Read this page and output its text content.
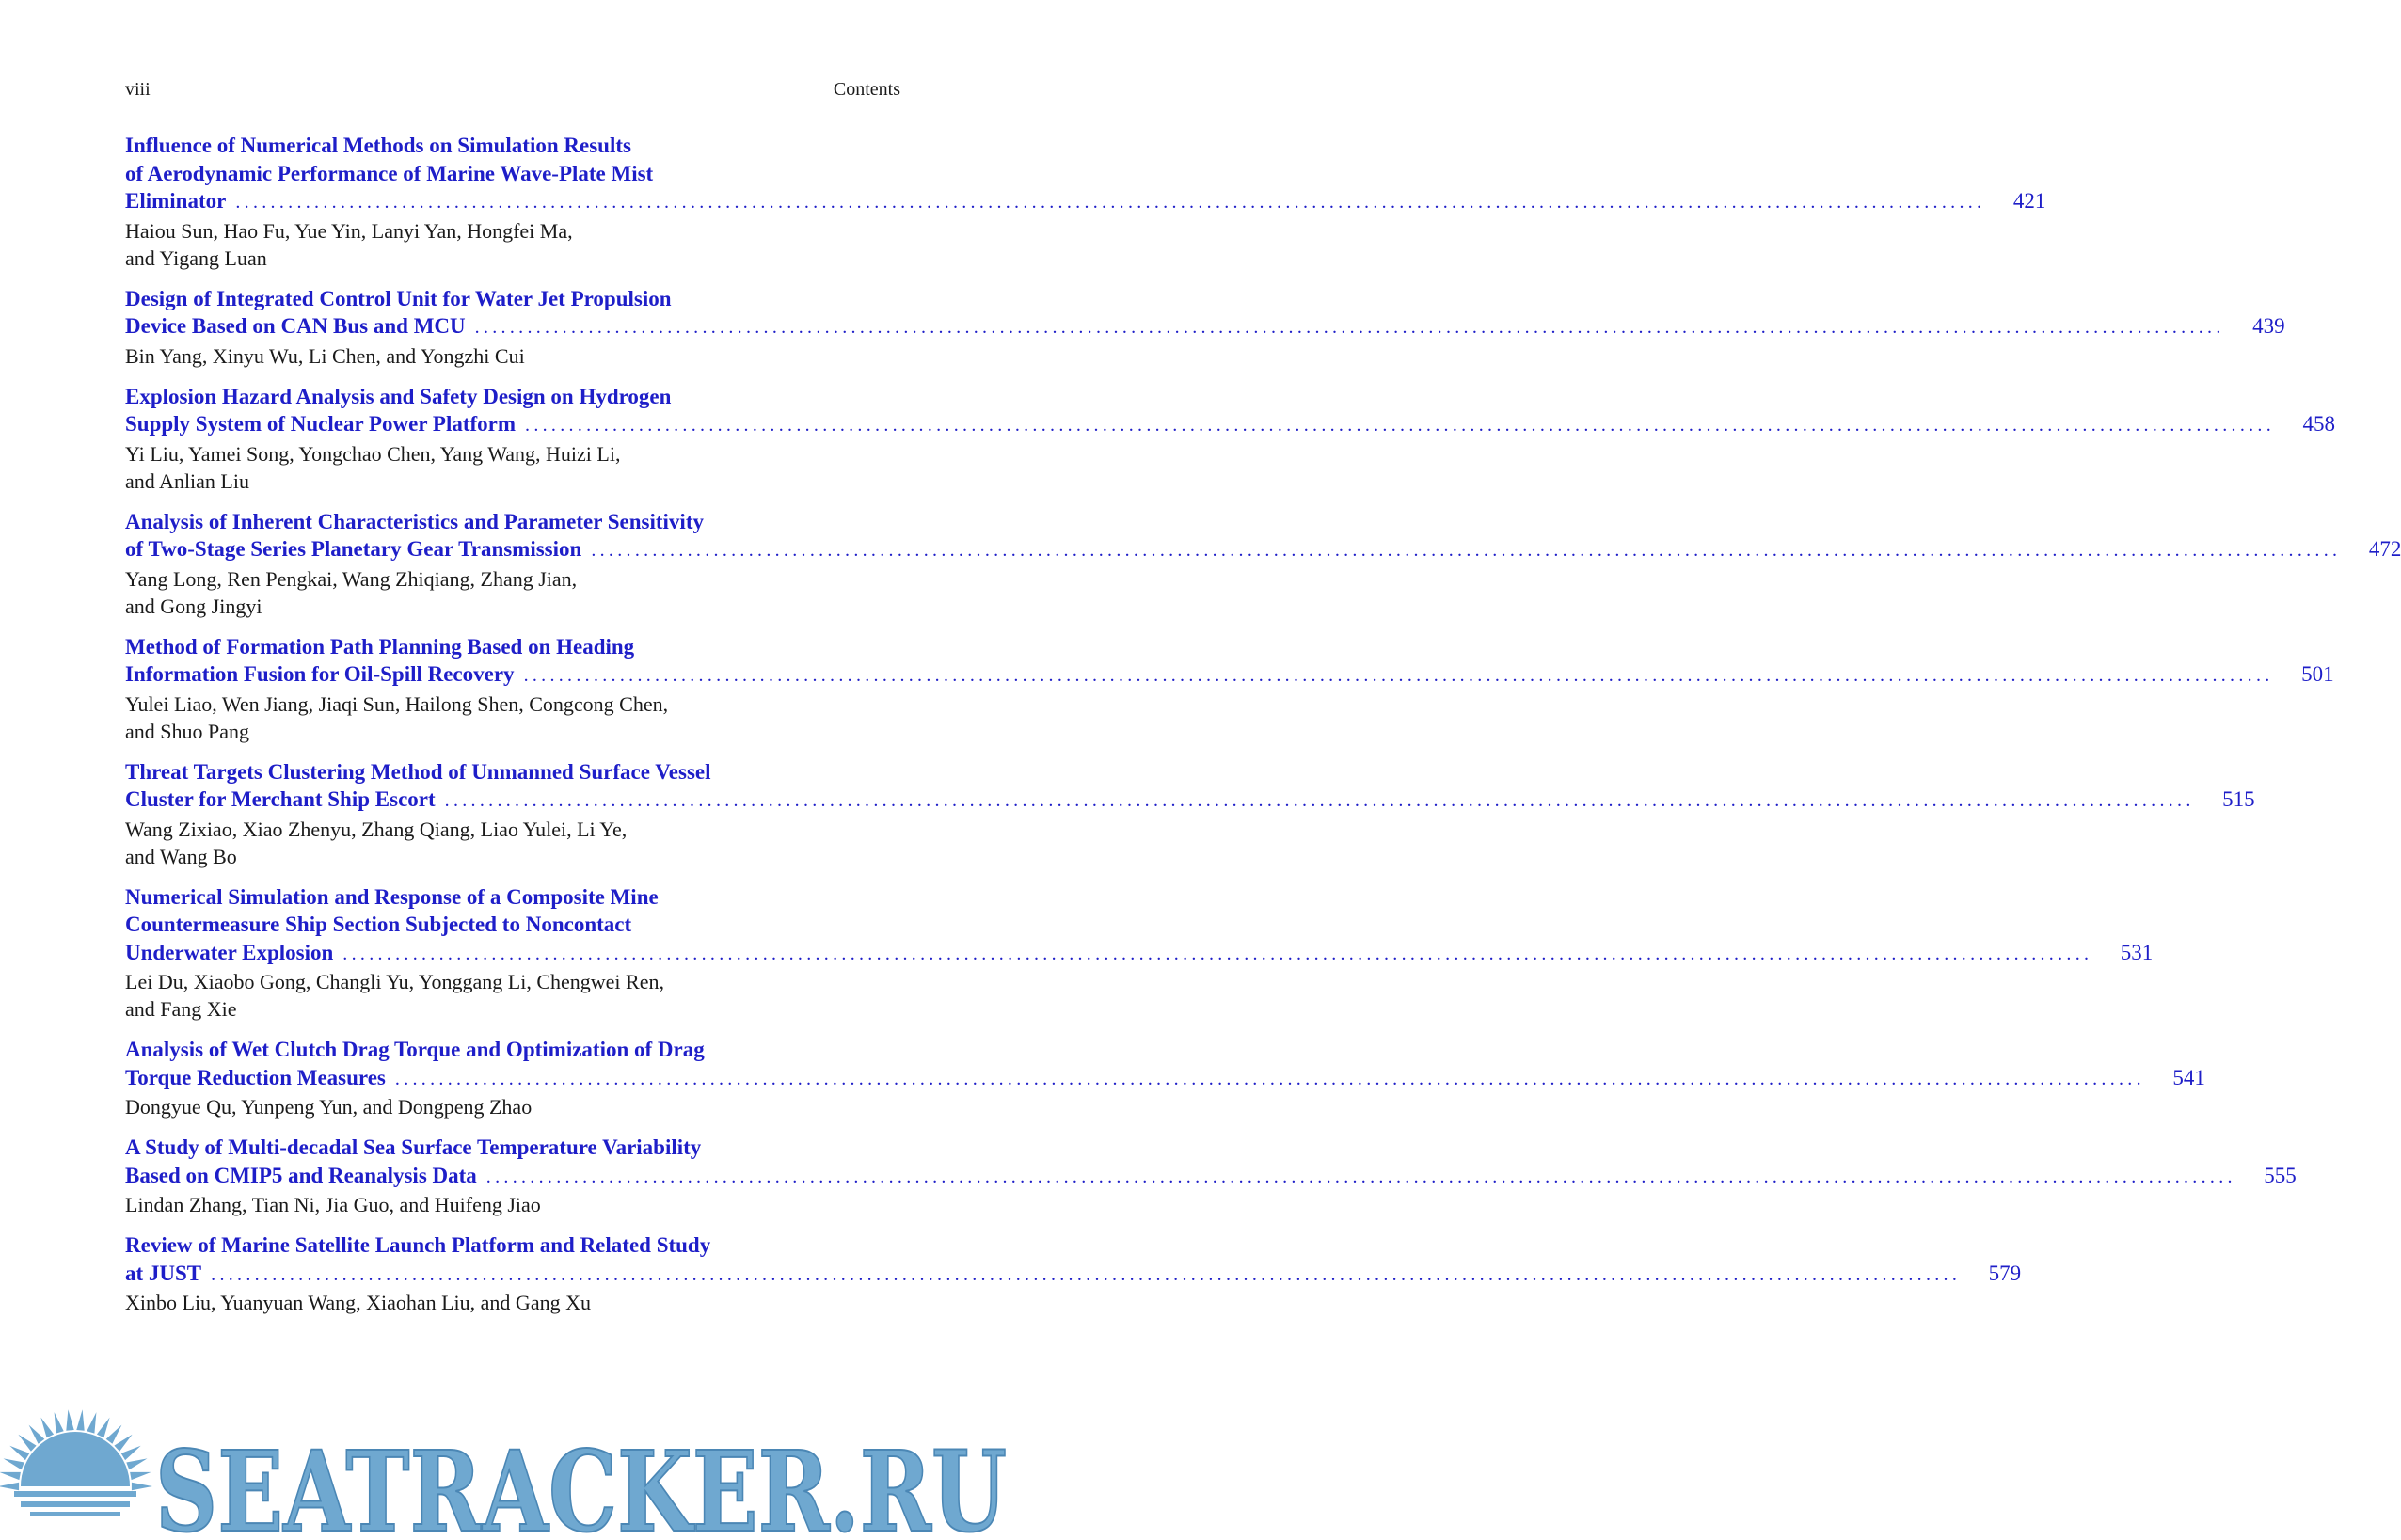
viii	Contents
Influence of Numerical Methods on Simulation Results
of Aerodynamic Performance of Marine Wave-Plate Mist
Eliminator ........................................................................................................................................................................................................	421
Haiou Sun, Hao Fu, Yue Yin, Lanyi Yan, Hongfei Ma,
and Yigang Luan
Design of Integrated Control Unit for Water Jet Propulsion
Device Based on CAN Bus and MCU ........................................................................................................................................................................................................	439
Bin Yang, Xinyu Wu, Li Chen, and Yongzhi Cui
Explosion Hazard Analysis and Safety Design on Hydrogen
Supply System of Nuclear Power Platform ........................................................................................................................................................................................................	458
Yi Liu, Yamei Song, Yongchao Chen, Yang Wang, Huizi Li,
and Anlian Liu
Analysis of Inherent Characteristics and Parameter Sensitivity
of Two-Stage Series Planetary Gear Transmission ........................................................................................................................................................................................................	472
Yang Long, Ren Pengkai, Wang Zhiqiang, Zhang Jian,
and Gong Jingyi
Method of Formation Path Planning Based on Heading
Information Fusion for Oil-Spill Recovery ........................................................................................................................................................................................................	501
Yulei Liao, Wen Jiang, Jiaqi Sun, Hailong Shen, Congcong Chen,
and Shuo Pang
Threat Targets Clustering Method of Unmanned Surface Vessel
Cluster for Merchant Ship Escort ........................................................................................................................................................................................................	515
Wang Zixiao, Xiao Zhenyu, Zhang Qiang, Liao Yulei, Li Ye,
and Wang Bo
Numerical Simulation and Response of a Composite Mine
Countermeasure Ship Section Subjected to Noncontact
Underwater Explosion ........................................................................................................................................................................................................	531
Lei Du, Xiaobo Gong, Changli Yu, Yonggang Li, Chengwei Ren,
and Fang Xie
Analysis of Wet Clutch Drag Torque and Optimization of Drag
Torque Reduction Measures ........................................................................................................................................................................................................	541
Dongyue Qu, Yunpeng Yun, and Dongpeng Zhao
A Study of Multi-decadal Sea Surface Temperature Variability
Based on CMIP5 and Reanalysis Data ........................................................................................................................................................................................................	555
Lindan Zhang, Tian Ni, Jia Guo, and Huifeng Jiao
Review of Marine Satellite Launch Platform and Related Study
at JUST ........................................................................................................................................................................................................	579
Xinbo Liu, Yuanyuan Wang, Xiaohan Liu, and Gang Xu
SEATRACKER.RU
